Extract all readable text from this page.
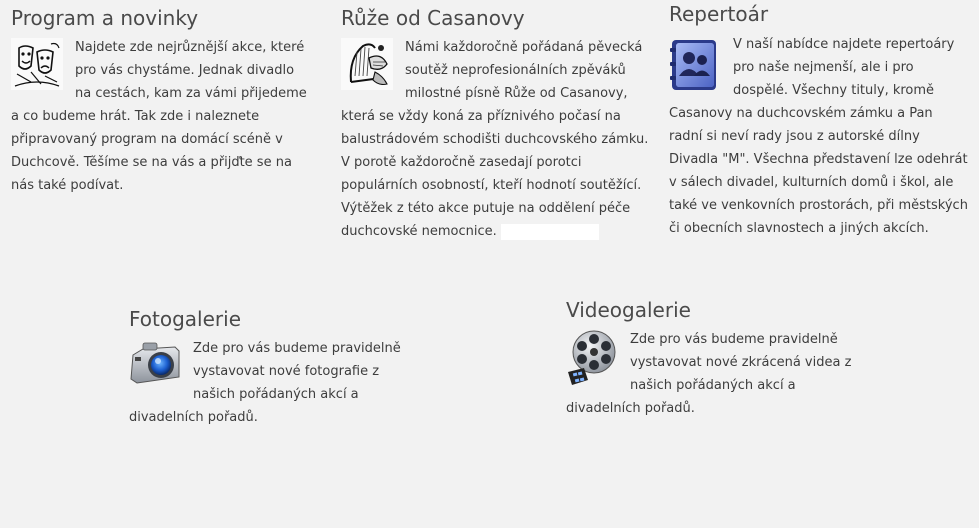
Program a novinky

Najdete zde nejrůznější akce, které pro vás chystáme. Jednak divadlo na cestách, kam za vámi přijedeme a co budeme hrát. Tak zde i naleznete připravovaný program na domácí scéně v Duchcově. Těšíme se na vás a přijďte se na nás také podívat.

Růže od Casanovy

Námi každoročně pořádaná pěvecká soutěž neprofesionálních zpěváků milostné písně Růže od Casanovy, která se vždy koná za příznivého počasí na balustrádovém schodišti duchcovského zámku. V porotě každoročně zasedají porotci populárních osobností, kteří hodnotí soutěžící. Výtěžek z této akce putuje na oddělení péče duchcovské nemocnice.

Repertoár

V naší nabídce najdete repertoáry pro naše nejmenší, ale i pro dospělé. Všechny tituly, kromě Casanovy na duchcovském zámku a Pan radní si neví rady jsou z autorské dílny Divadla "M". Všechna představení lze odehrát v sálech divadel, kulturních domů i škol, ale také ve venkovních prostorách, při městských či obecních slavnostech a jiných akcích.

Fotogalerie

Zde pro vás budeme pravidelně vystavovat nové fotografie z našich pořádaných akcí a divadelních pořadů.

Videogalerie

Zde pro vás budeme pravidelně vystavovat nové zkrácená videa z našich pořádaných akcí a divadelních pořadů.
